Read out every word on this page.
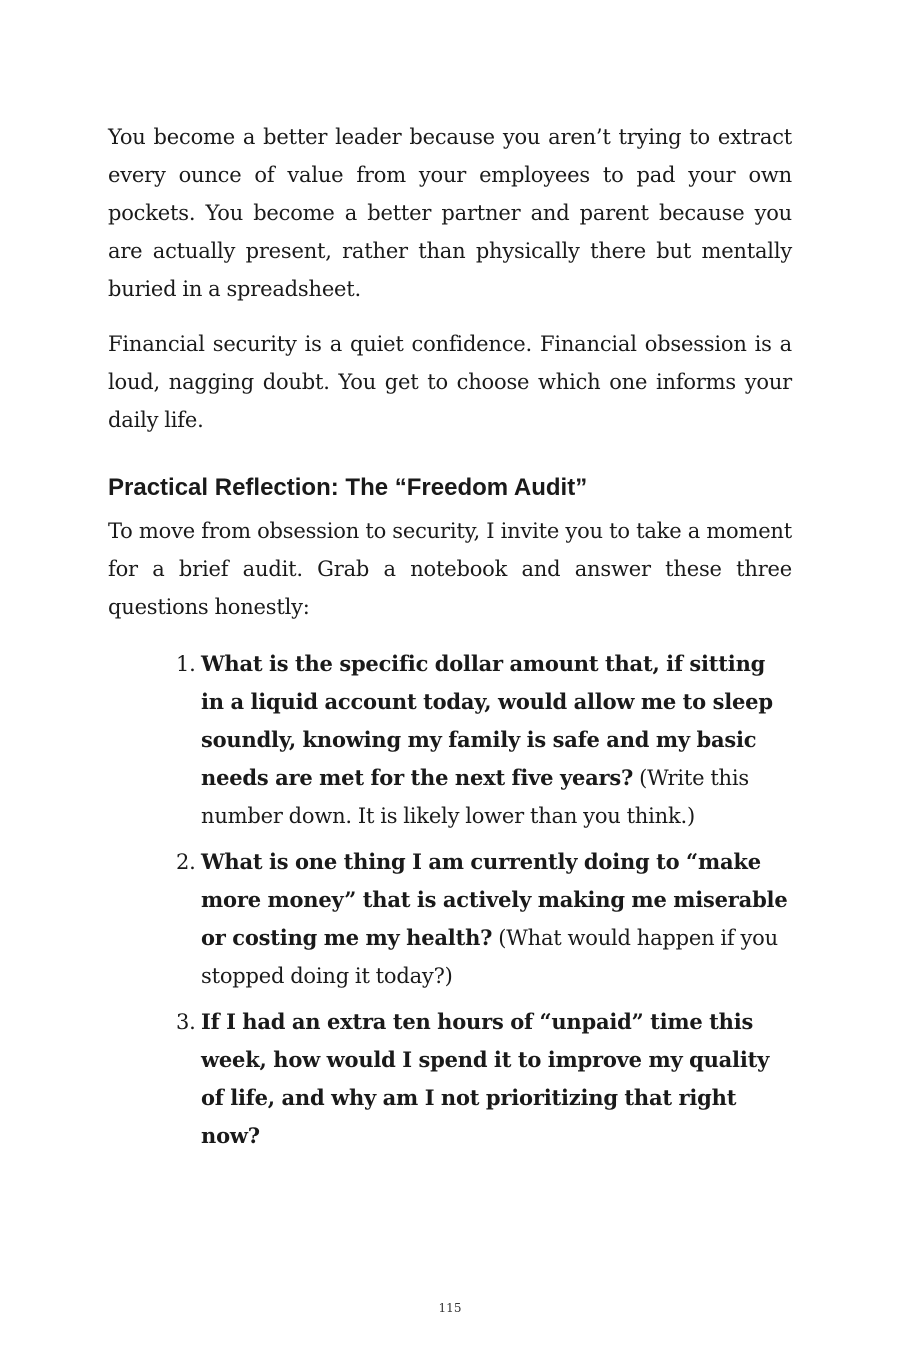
You become a better leader because you aren’t trying to extract every ounce of value from your employees to pad your own pockets. You become a better partner and parent because you are actually present, rather than physically there but mentally buried in a spreadsheet.

Financial security is a quiet confidence. Financial obsession is a loud, nagging doubt. You get to choose which one informs your daily life.

Practical Reflection: The “Freedom Audit”

To move from obsession to security, I invite you to take a moment for a brief audit. Grab a notebook and answer these three questions honestly:

1. What is the specific dollar amount that, if sitting in a liquid account today, would allow me to sleep soundly, knowing my family is safe and my basic needs are met for the next five years? (Write this number down. It is likely lower than you think.)
2. What is one thing I am currently doing to “make more money” that is actively making me miserable or costing me my health? (What would happen if you stopped doing it today?)
3. If I had an extra ten hours of “unpaid” time this week, how would I spend it to improve my quality of life, and why am I not prioritizing that right now?
115
